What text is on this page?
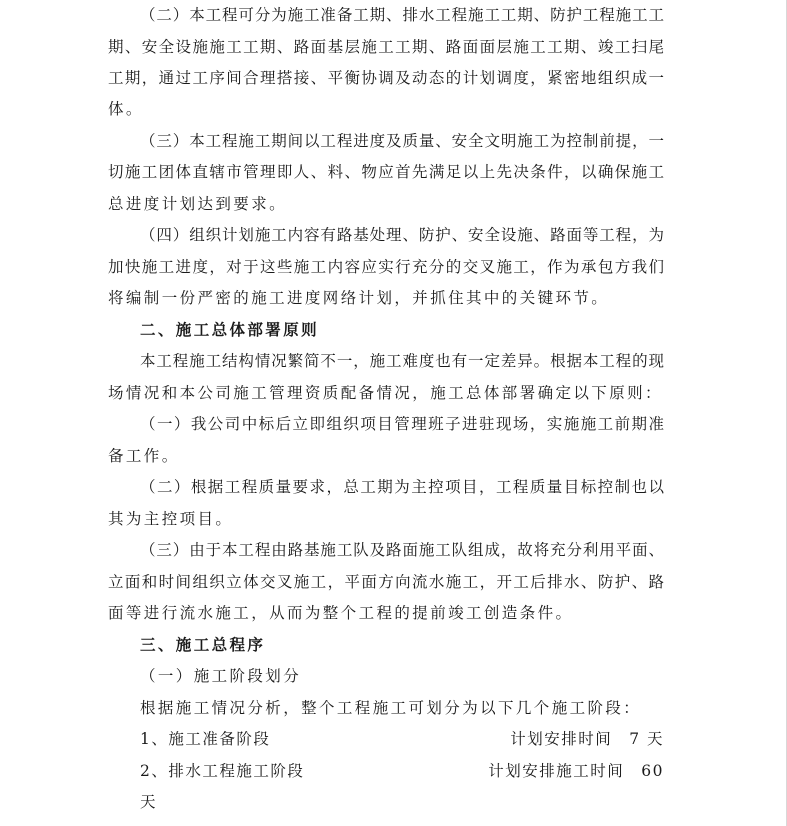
（二）本工程可分为施工准备工期、排水工程施工工期、防护工程施工工
期、安全设施施工工期、路面基层施工工期、路面面层施工工期、竣工扫尾
工期，通过工序间合理搭接、平衡协调及动态的计划调度，紧密地组织成一
体。
（三）本工程施工期间以工程进度及质量、安全文明施工为控制前提，一
切施工团体直辖市管理即人、料、物应首先满足以上先决条件，以确保施工
总进度计划达到要求。
（四）组织计划施工内容有路基处理、防护、安全设施、路面等工程，为
加快施工进度，对于这些施工内容应实行充分的交叉施工，作为承包方我们
将编制一份严密的施工进度网络计划，并抓住其中的关键环节。
二、施工总体部署原则
本工程施工结构情况繁简不一，施工难度也有一定差异。根据本工程的现
场情况和本公司施工管理资质配备情况，施工总体部署确定以下原则：
（一）我公司中标后立即组织项目管理班子进驻现场，实施施工前期准
备工作。
（二）根据工程质量要求，总工期为主控项目，工程质量目标控制也以
其为主控项目。
（三）由于本工程由路基施工队及路面施工队组成，故将充分利用平面、
立面和时间组织立体交叉施工，平面方向流水施工，开工后排水、防护、路
面等进行流水施工，从而为整个工程的提前竣工创造条件。
三、施工总程序
（一）施工阶段划分
根据施工情况分析，整个工程施工可划分为以下几个施工阶段：
1、施工准备阶段	计划安排时间　7 天
2、排水工程施工阶段	计划安排施工时间　60
天
